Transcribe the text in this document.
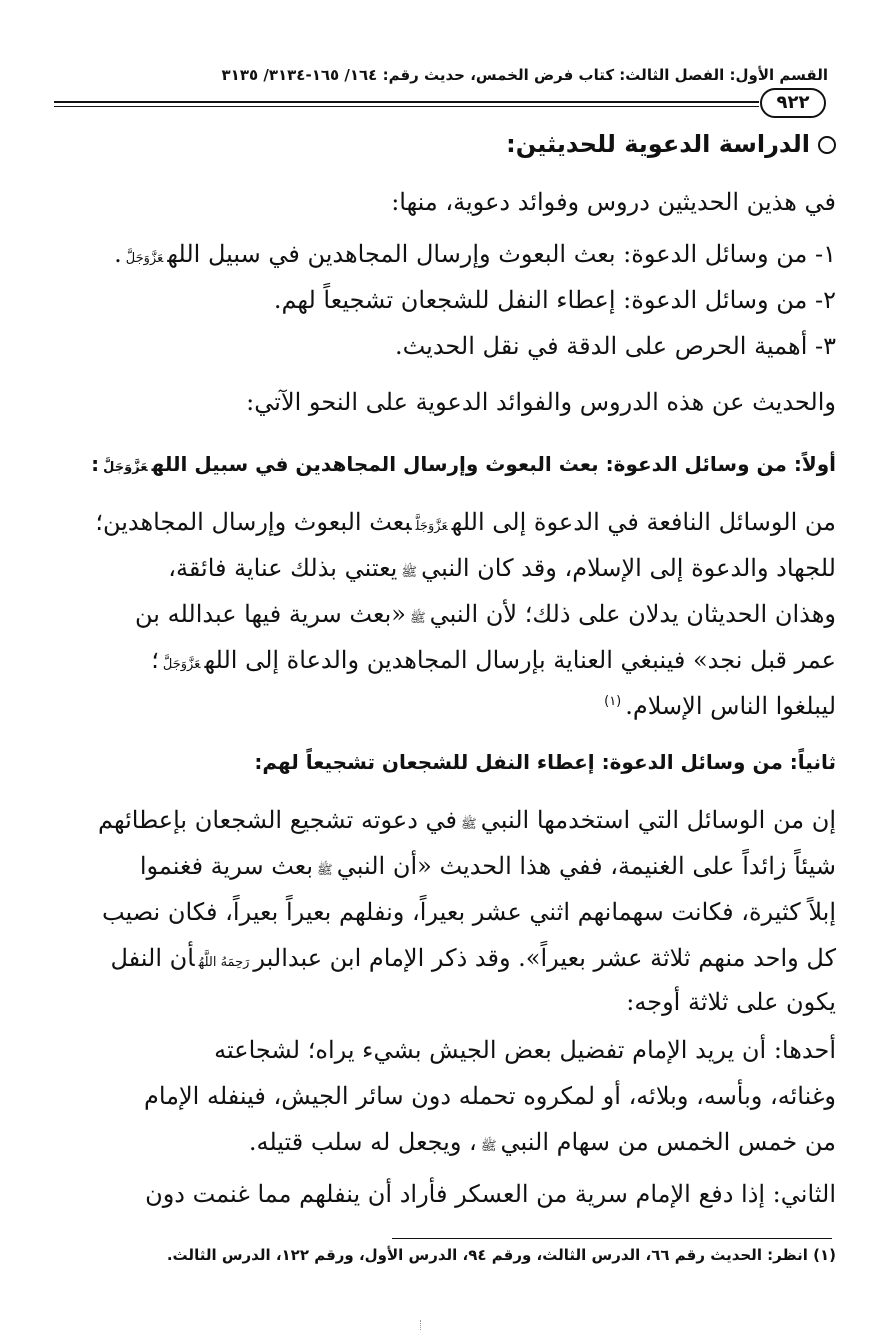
القسم الأول: الفصل الثالث: كتاب فرض الخمس، حديث رقم: ١٦٤/ ١٦٥-٣١٣٤/ ٣١٣٥
٩٢٢
الدراسة الدعوية للحديثين:
في هذين الحديثين دروس وفوائد دعوية، منها:
١- من وسائل الدعوة: بعث البعوث وإرسال المجاهدين في سبيل اللهعَزَّوَجَلَّ.
٢- من وسائل الدعوة: إعطاء النفل للشجعان تشجيعاً لهم.
٣- أهمية الحرص على الدقة في نقل الحديث.
والحديث عن هذه الدروس والفوائد الدعوية على النحو الآتي:
أولاً: من وسائل الدعوة: بعث البعوث وإرسال المجاهدين في سبيل اللهعَزَّوَجَلَّ:
من الوسائل النافعة في الدعوة إلى اللهعَزَّوَجَلَّبعث البعوث وإرسال المجاهدين؛
للجهاد والدعوة إلى الإسلام، وقد كان النبيﷺيعتني بذلك عناية فائقة،
وهذان الحديثان يدلان على ذلك؛ لأن النبيﷺ«بعث سرية فيها عبدالله بن
عمر قبل نجد» فينبغي العناية بإرسال المجاهدين والدعاة إلى اللهعَزَّوَجَلَّ؛
ليبلغوا الناس الإسلام.$^{(١)}$
ثانياً: من وسائل الدعوة: إعطاء النفل للشجعان تشجيعاً لهم:
إن من الوسائل التي استخدمها النبيﷺفي دعوته تشجيع الشجعان بإعطائهم
شيئاً زائداً على الغنيمة، ففي هذا الحديث «أن النبيﷺبعث سرية فغنموا
إبلاً كثيرة، فكانت سهمانهم اثني عشر بعيراً، ونفلهم بعيراً بعيراً، فكان نصيب
كل واحد منهم ثلاثة عشر بعيراً». وقد ذكر الإمام ابن عبدالبررَحِمَهُ اللَّهُأن النفل
يكون على ثلاثة أوجه:
أحدها: أن يريد الإمام تفضيل بعض الجيش بشيء يراه؛ لشجاعته
وغنائه، وبأسه، وبلائه، أو لمكروه تحمله دون سائر الجيش، فينفله الإمام
من خمس الخمس من سهام النبيﷺ، ويجعل له سلب قتيله.
الثاني: إذا دفع الإمام سرية من العسكر فأراد أن ينفلهم مما غنمت دون
(١) انظر: الحديث رقم ٦٦، الدرس الثالث، ورقم ٩٤، الدرس الأول، ورقم ١٢٢، الدرس الثالث.
